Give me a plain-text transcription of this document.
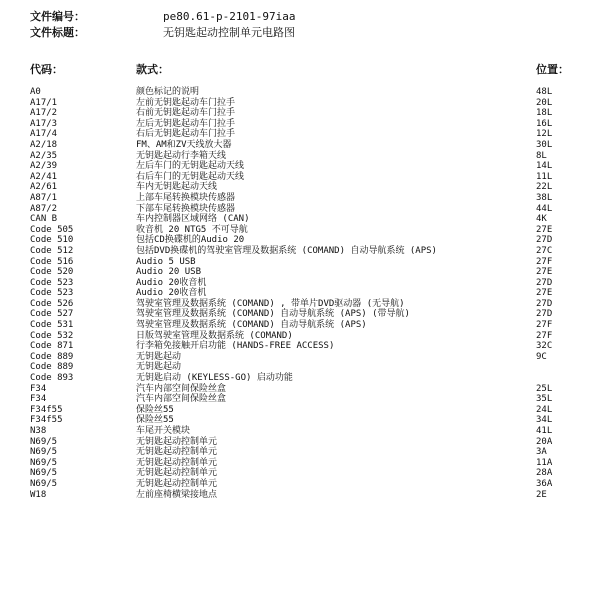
文件编号：	pe80.61-p-2101-97iaa
文件标题：	无钥匙起动控制单元电路图
代码：	款式：	位置：
A0	颜色标记的说明	48L
A17/1	左前无钥匙起动车门拉手	20L
A17/2	右前无钥匙起动车门拉手	18L
A17/3	左后无钥匙起动车门拉手	16L
A17/4	右后无钥匙起动车门拉手	12L
A2/18	FM、AM和ZV天线放大器	30L
A2/35	无钥匙起动行李箱天线	8L
A2/39	左后车门的无钥匙起动天线	14L
A2/41	右后车门的无钥匙起动天线	11L
A2/61	车内无钥匙起动天线	22L
A87/1	上部车尾转换模块传感器	38L
A87/2	下部车尾转换模块传感器	44L
CAN B	车内控制器区域网络 (CAN)	4K
Code 505	收音机 20 NTG5 不可导航	27E
Code 510	包括CD换碟机的Audio 20	27D
Code 512	包括DVD换碟机的驾驶室管理及数据系统 (COMAND) 自动导航系统 (APS)	27C
Code 516	Audio 5 USB	27F
Code 520	Audio 20 USB	27E
Code 523	Audio 20收音机	27D
Code 523	Audio 20收音机	27E
Code 526	驾驶室管理及数据系统 (COMAND) , 带单片DVD驱动器 (无导航)	27D
Code 527	驾驶室管理及数据系统 (COMAND) 自动导航系统 (APS) (带导航)	27D
Code 531	驾驶室管理及数据系统 (COMAND) 自动导航系统 (APS)	27F
Code 532	日版驾驶室管理及数据系统 (COMAND)	27F
Code 871	行李箱免接触开启功能 (HANDS-FREE ACCESS)	32C
Code 889	无钥匙起动	9C
Code 889	无钥匙起动
Code 893	无钥匙启动 (KEYLESS-GO) 启动功能
F34	汽车内部空间保险丝盒	25L
F34	汽车内部空间保险丝盒	35L
F34f55	保险丝55	24L
F34f55	保险丝55	34L
N38	车尾开关模块	41L
N69/5	无钥匙起动控制单元	20A
N69/5	无钥匙起动控制单元	3A
N69/5	无钥匙起动控制单元	11A
N69/5	无钥匙起动控制单元	28A
N69/5	无钥匙起动控制单元	36A
W18	左前座椅横梁接地点	2E
